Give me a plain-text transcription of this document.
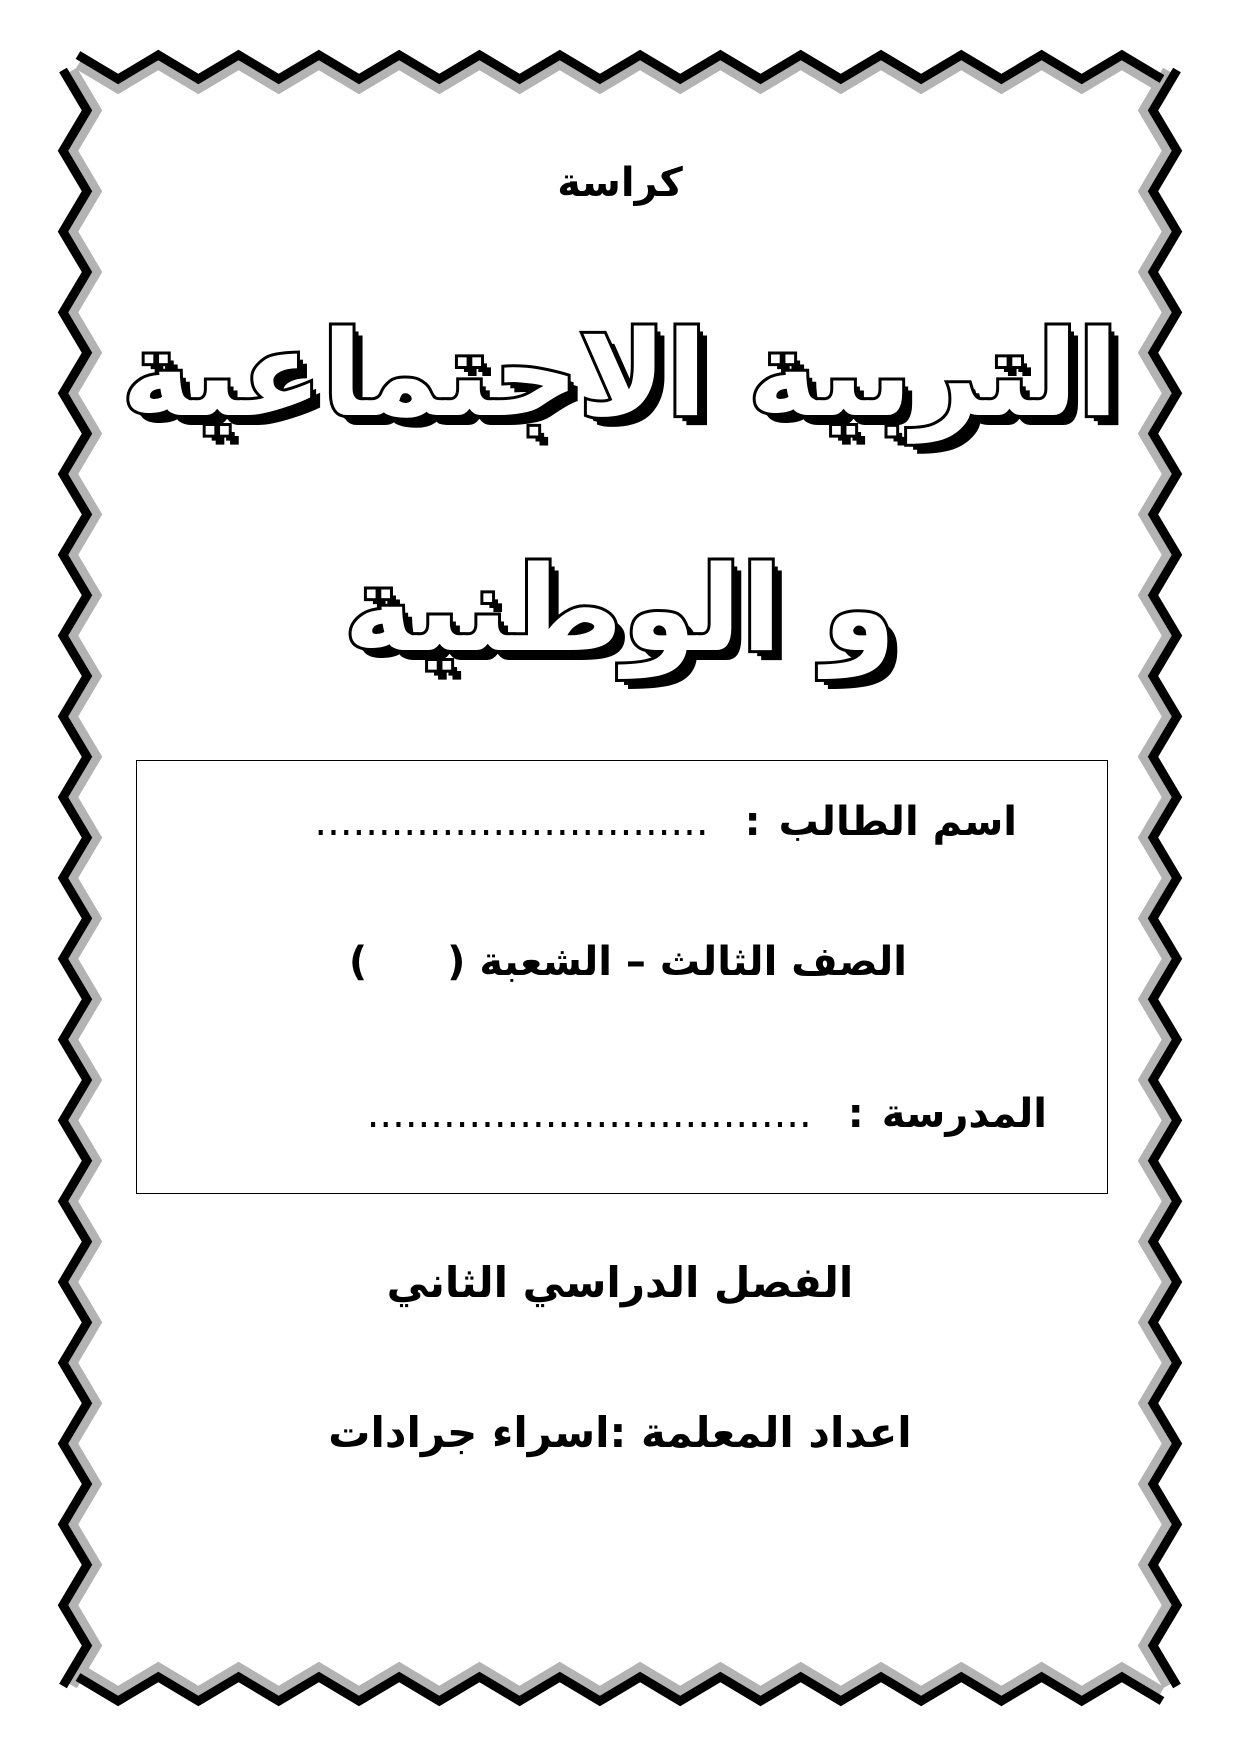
كراسة
التربية الاجتماعية
و الوطنية
اسم الطالب:...............................
الصف الثالث – الشعبة ()
المدرسة:...................................
الفصل الدراسي الثاني
اعداد المعلمة :اسراء جرادات
